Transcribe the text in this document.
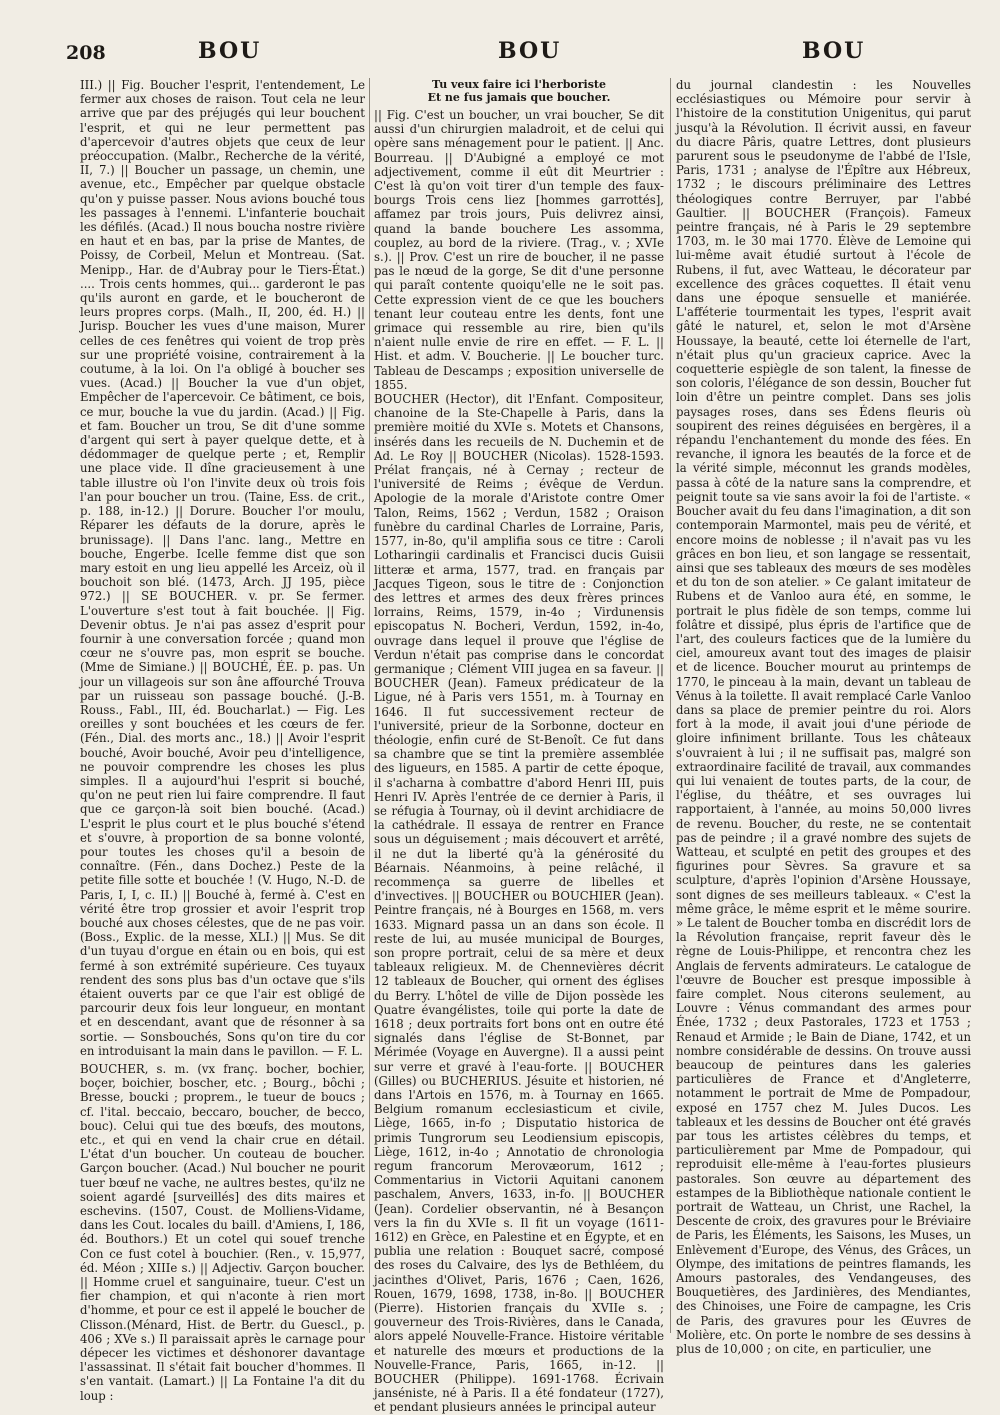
208	BOU	BOU	BOU

III.) || Fig. Boucher l'esprit, l'entendement, Le fermer aux choses de raison. Tout cela ne leur arrive que par des préjugés qui leur bouchent l'esprit, et qui ne leur permettent pas d'apercevoir d'autres objets que ceux de leur préoccupation. (Malbr., Recherche de la vérité, II, 7.) || Boucher un passage, un chemin, une avenue, etc., Empêcher par quelque obstacle qu'on y puisse passer. Nous avions bouché tous les passages à l'ennemi. L'infanterie bouchait les défilés. (Acad.) Il nous boucha nostre rivière en haut et en bas, par la prise de Mantes, de Poissy, de Corbeil, Melun et Montreau. (Sat. Menipp., Har. de d'Aubray pour le Tiers-État.) .... Trois cents hommes, qui... garderont le pas qu'ils auront en garde, et le boucheront de leurs propres corps. (Malh., II, 200, éd. H.) || Jurisp. Boucher les vues d'une maison, Murer celles de ces fenêtres qui voient de trop près sur une propriété voisine, contrairement à la coutume, à la loi. On l'a obligé à boucher ses vues. (Acad.) || Boucher la vue d'un objet, Empêcher de l'apercevoir. Ce bâtiment, ce bois, ce mur, bouche la vue du jardin. (Acad.) || Fig. et fam. Boucher un trou, Se dit d'une somme d'argent qui sert à payer quelque dette, et à dédommager de quelque perte ; et, Remplir une place vide. Il dîne gracieusement à une table illustre où l'on l'invite deux où trois fois l'an pour boucher un trou. (Taine, Ess. de crit., p. 188, in-12.) || Dorure. Boucher l'or moulu, Réparer les défauts de la dorure, après le brunissage). || Dans l'anc. lang., Mettre en bouche, Engerbe. Icelle femme dist que son mary estoit en ung lieu appellé les Arceiz, où il bouchoit son blé. (1473, Arch. JJ 195, pièce 972.) || SE BOUCHER. v. pr. Se fermer. L'ouverture s'est tout à fait bouchée. || Fig. Devenir obtus. Je n'ai pas assez d'esprit pour fournir à une conversation forcée ; quand mon cœur ne s'ouvre pas, mon esprit se bouche. (Mme de Simiane.) || BOUCHÉ, ÉE. p. pas. Un jour un villageois sur son âne affourché Trouva par un ruisseau son passage bouché. (J.-B. Rouss., Fabl., III, éd. Boucharlat.) — Fig. Les oreilles y sont bouchées et les cœurs de fer. (Fén., Dial. des morts anc., 18.) || Avoir l'esprit bouché, Avoir bouché, Avoir peu d'intelligence, ne pouvoir comprendre les choses les plus simples. Il a aujourd'hui l'esprit si bouché, qu'on ne peut rien lui faire comprendre. Il faut que ce garçon-là soit bien bouché. (Acad.) L'esprit le plus court et le plus bouché s'étend et s'ouvre, à proportion de sa bonne volonté, pour toutes les choses qu'il a besoin de connaître. (Fén., dans Dochez.) Peste de la petite fille sotte et bouchée ! (V. Hugo, N.-D. de Paris, I, I, c. II.) || Bouché à, fermé à. C'est en vérité être trop grossier et avoir l'esprit trop bouché aux choses célestes, que de ne pas voir. (Boss., Explic. de la messe, XLI.) || Mus. Se dit d'un tuyau d'orgue en étain ou en bois, qui est fermé à son extrémité supérieure. Ces tuyaux rendent des sons plus bas d'un octave que s'ils étaient ouverts par ce que l'air est obligé de parcourir deux fois leur longueur, en montant et en descendant, avant que de résonner à sa sortie. — Sonsbouchés, Sons qu'on tire du cor en introduisant la main dans le pavillon. — F. L.

BOUCHER, s. m. (vx franç. bocher, bochier, boçer, boichier, boscher, etc. ; Bourg., bôchi ; Bresse, boucki ; proprem., le tueur de boucs ; cf. l'ital. beccaio, beccaro, boucher, de becco, bouc). Celui qui tue des bœufs, des moutons, etc., et qui en vend la chair crue en détail. L'état d'un boucher. Un couteau de boucher. Garçon boucher. (Acad.) Nul boucher ne pourit tuer bœuf ne vache, ne aultres bestes, qu'ilz ne soient agardé [surveillés] des dits maires et eschevins. (1507, Coust. de Molliens-Vidame, dans les Cout. locales du baill. d'Amiens, I, 186, éd. Bouthors.) Et un cotel qui souef trenche Con ce fust cotel à bouchier. (Ren., v. 15,977, éd. Méon ; XIIIe s.) || Adjectiv. Garçon boucher. || Homme cruel et sanguinaire, tueur. C'est un fier champion, et qui n'aconte à rien mort d'homme, et pour ce est il appelé le boucher de Clisson.(Ménard, Hist. de Bertr. du Guescl., p. 406 ; XVe s.) Il paraissait après le carnage pour dépecer les victimes et déshonorer davantage l'assassinat. Il s'était fait boucher d'hommes. Il s'en vantait. (Lamart.) || La Fontaine l'a dit du loup :

Tu veux faire ici l'herboriste
Et ne fus jamais que boucher.

|| Fig. C'est un boucher, un vrai boucher, Se dit aussi d'un chirurgien maladroit, et de celui qui opère sans ménagement pour le patient. || Anc. Bourreau. || D'Aubigné a employé ce mot adjectivement, comme il eût dit Meurtrier : C'est là qu'on voit tirer d'un temple des faux-bourgs Trois cens liez [hommes garrottés], affamez par trois jours, Puis delivrez ainsi, quand la bande bouchere Les assomma, couplez, au bord de la riviere. (Trag., v. ; XVIe s.). || Prov. C'est un rire de boucher, il ne passe pas le nœud de la gorge, Se dit d'une personne qui paraît contente quoiqu'elle ne le soit pas. Cette expression vient de ce que les bouchers tenant leur couteau entre les dents, font une grimace qui ressemble au rire, bien qu'ils n'aient nulle envie de rire en effet. — F. L. || Hist. et adm. V. Boucherie. || Le boucher turc. Tableau de Descamps ; exposition universelle de 1855.

BOUCHER (Hector), dit l'Enfant. Compositeur, chanoine de la Ste-Chapelle à Paris, dans la première moitié du XVIe s. Motets et Chansons, insérés dans les recueils de N. Duchemin et de Ad. Le Roy || BOUCHER (Nicolas). 1528-1593. Prélat français, né à Cernay ; recteur de l'université de Reims ; évêque de Verdun. Apologie de la morale d'Aristote contre Omer Talon, Reims, 1562 ; Verdun, 1582 ; Oraison funèbre du cardinal Charles de Lorraine, Paris, 1577, in-8o, qu'il amplifia sous ce titre : Caroli Lotharingii cardinalis et Francisci ducis Guisii litteræ et arma, 1577, trad. en français par Jacques Tigeon, sous le titre de : Conjonction des lettres et armes des deux frères princes lorrains, Reims, 1579, in-4o ; Virdunensis episcopatus N. Bocheri, Verdun, 1592, in-4o, ouvrage dans lequel il prouve que l'église de Verdun n'était pas comprise dans le concordat germanique ; Clément VIII jugea en sa faveur. || BOUCHER (Jean). Fameux prédicateur de la Ligue, né à Paris vers 1551, m. à Tournay en 1646. Il fut successivement recteur de l'université, prieur de la Sorbonne, docteur en théologie, enfin curé de St-Benoît. Ce fut dans sa chambre que se tint la première assemblée des ligueurs, en 1585. A partir de cette époque, il s'acharna à combattre d'abord Henri III, puis Henri IV. Après l'entrée de ce dernier à Paris, il se réfugia à Tournay, où il devint archidiacre de la cathédrale. Il essaya de rentrer en France sous un déguisement ; mais découvert et arrêté, il ne dut la liberté qu'à la générosité du Béarnais. Néanmoins, à peine relâché, il recommença sa guerre de libelles et d'invectives. || BOUCHER ou BOUCHIER (Jean). Peintre français, né à Bourges en 1568, m. vers 1633. Mignard passa un an dans son école. Il reste de lui, au musée municipal de Bourges, son propre portrait, celui de sa mère et deux tableaux religieux. M. de Chennevières décrit 12 tableaux de Boucher, qui ornent des églises du Berry. L'hôtel de ville de Dijon possède les Quatre évangélistes, toile qui porte la date de 1618 ; deux portraits fort bons ont en outre été signalés dans l'église de St-Bonnet, par Mérimée (Voyage en Auvergne). Il a aussi peint sur verre et gravé à l'eau-forte. || BOUCHER (Gilles) ou BUCHERIUS. Jésuite et historien, né dans l'Artois en 1576, m. à Tournay en 1665. Belgium romanum ecclesiasticum et civile, Liège, 1665, in-fo ; Disputatio historica de primis Tungrorum seu Leodiensium episcopis, Liège, 1612, in-4o ; Annotatio de chronologia regum francorum Merovæorum, 1612 ; Commentarius in Victorii Aquitani canonem paschalem, Anvers, 1633, in-fo. || BOUCHER (Jean). Cordelier observantin, né à Besançon vers la fin du XVIe s. Il fit un voyage (1611-1612) en Grèce, en Palestine et en Égypte, et en publia une relation : Bouquet sacré, composé des roses du Calvaire, des lys de Bethléem, du jacinthes d'Olivet, Paris, 1676 ; Caen, 1626, Rouen, 1679, 1698, 1738, in-8o. || BOUCHER (Pierre). Historien français du XVIIe s. ; gouverneur des Trois-Rivières, dans le Canada, alors appelé Nouvelle-France. Histoire véritable et naturelle des mœurs et productions de la Nouvelle-France, Paris, 1665, in-12. || BOUCHER (Philippe). 1691-1768. Écrivain janséniste, né à Paris. Il a été fondateur (1727), et pendant plusieurs années le principal auteur

du journal clandestin : les Nouvelles ecclésiastiques ou Mémoire pour servir à l'histoire de la constitution Unigenitus, qui parut jusqu'à la Révolution. Il écrivit aussi, en faveur du diacre Pâris, quatre Lettres, dont plusieurs parurent sous le pseudonyme de l'abbé de l'Isle, Paris, 1731 ; analyse de l'Épître aux Hébreux, 1732 ; le discours préliminaire des Lettres théologiques contre Berruyer, par l'abbé Gaultier. || BOUCHER (François). Fameux peintre français, né à Paris le 29 septembre 1703, m. le 30 mai 1770. Élève de Lemoine qui lui-même avait étudié surtout à l'école de Rubens, il fut, avec Watteau, le décorateur par excellence des grâces coquettes. Il était venu dans une époque sensuelle et maniérée. L'afféterie tourmentait les types, l'esprit avait gâté le naturel, et, selon le mot d'Arsène Houssaye, la beauté, cette loi éternelle de l'art, n'était plus qu'un gracieux caprice. Avec la coquetterie espiègle de son talent, la finesse de son coloris, l'élégance de son dessin, Boucher fut loin d'être un peintre complet. Dans ses jolis paysages roses, dans ses Édens fleuris où soupirent des reines déguisées en bergères, il a répandu l'enchantement du monde des fées. En revanche, il ignora les beautés de la force et de la vérité simple, méconnut les grands modèles, passa à côté de la nature sans la comprendre, et peignit toute sa vie sans avoir la foi de l'artiste. « Boucher avait du feu dans l'imagination, a dit son contemporain Marmontel, mais peu de vérité, et encore moins de noblesse ; il n'avait pas vu les grâces en bon lieu, et son langage se ressentait, ainsi que ses tableaux des mœurs de ses modèles et du ton de son atelier. » Ce galant imitateur de Rubens et de Vanloo aura été, en somme, le portrait le plus fidèle de son temps, comme lui folâtre et dissipé, plus épris de l'artifice que de l'art, des couleurs factices que de la lumière du ciel, amoureux avant tout des images de plaisir et de licence. Boucher mourut au printemps de 1770, le pinceau à la main, devant un tableau de Vénus à la toilette. Il avait remplacé Carle Vanloo dans sa place de premier peintre du roi. Alors fort à la mode, il avait joui d'une période de gloire infiniment brillante. Tous les châteaux s'ouvraient à lui ; il ne suffisait pas, malgré son extraordinaire facilité de travail, aux commandes qui lui venaient de toutes parts, de la cour, de l'église, du théâtre, et ses ouvrages lui rapportaient, à l'année, au moins 50,000 livres de revenu. Boucher, du reste, ne se contentait pas de peindre ; il a gravé nombre des sujets de Watteau, et sculpté en petit des groupes et des figurines pour Sèvres. Sa gravure et sa sculpture, d'après l'opinion d'Arsène Houssaye, sont dignes de ses meilleurs tableaux. « C'est la même grâce, le même esprit et le même sourire. » Le talent de Boucher tomba en discrédit lors de la Révolution française, reprit faveur dès le règne de Louis-Philippe, et rencontra chez les Anglais de fervents admirateurs. Le catalogue de l'œuvre de Boucher est presque impossible à faire complet. Nous citerons seulement, au Louvre : Vénus commandant des armes pour Énée, 1732 ; deux Pastorales, 1723 et 1753 ; Renaud et Armide ; le Bain de Diane, 1742, et un nombre considérable de dessins. On trouve aussi beaucoup de peintures dans les galeries particulières de France et d'Angleterre, notamment le portrait de Mme de Pompadour, exposé en 1757 chez M. Jules Ducos. Les tableaux et les dessins de Boucher ont été gravés par tous les artistes célèbres du temps, et particulièrement par Mme de Pompadour, qui reproduisit elle-même à l'eau-fortes plusieurs pastorales. Son œuvre au département des estampes de la Bibliothèque nationale contient le portrait de Watteau, un Christ, une Rachel, la Descente de croix, des gravures pour le Bréviaire de Paris, les Éléments, les Saisons, les Muses, un Enlèvement d'Europe, des Vénus, des Grâces, un Olympe, des imitations de peintres flamands, les Amours pastorales, des Vendangeuses, des Bouquetières, des Jardinières, des Mendiantes, des Chinoises, une Foire de campagne, les Cris de Paris, des gravures pour les Œuvres de Molière, etc. On porte le nombre de ses dessins à plus de 10,000 ; on cite, en particulier, une
